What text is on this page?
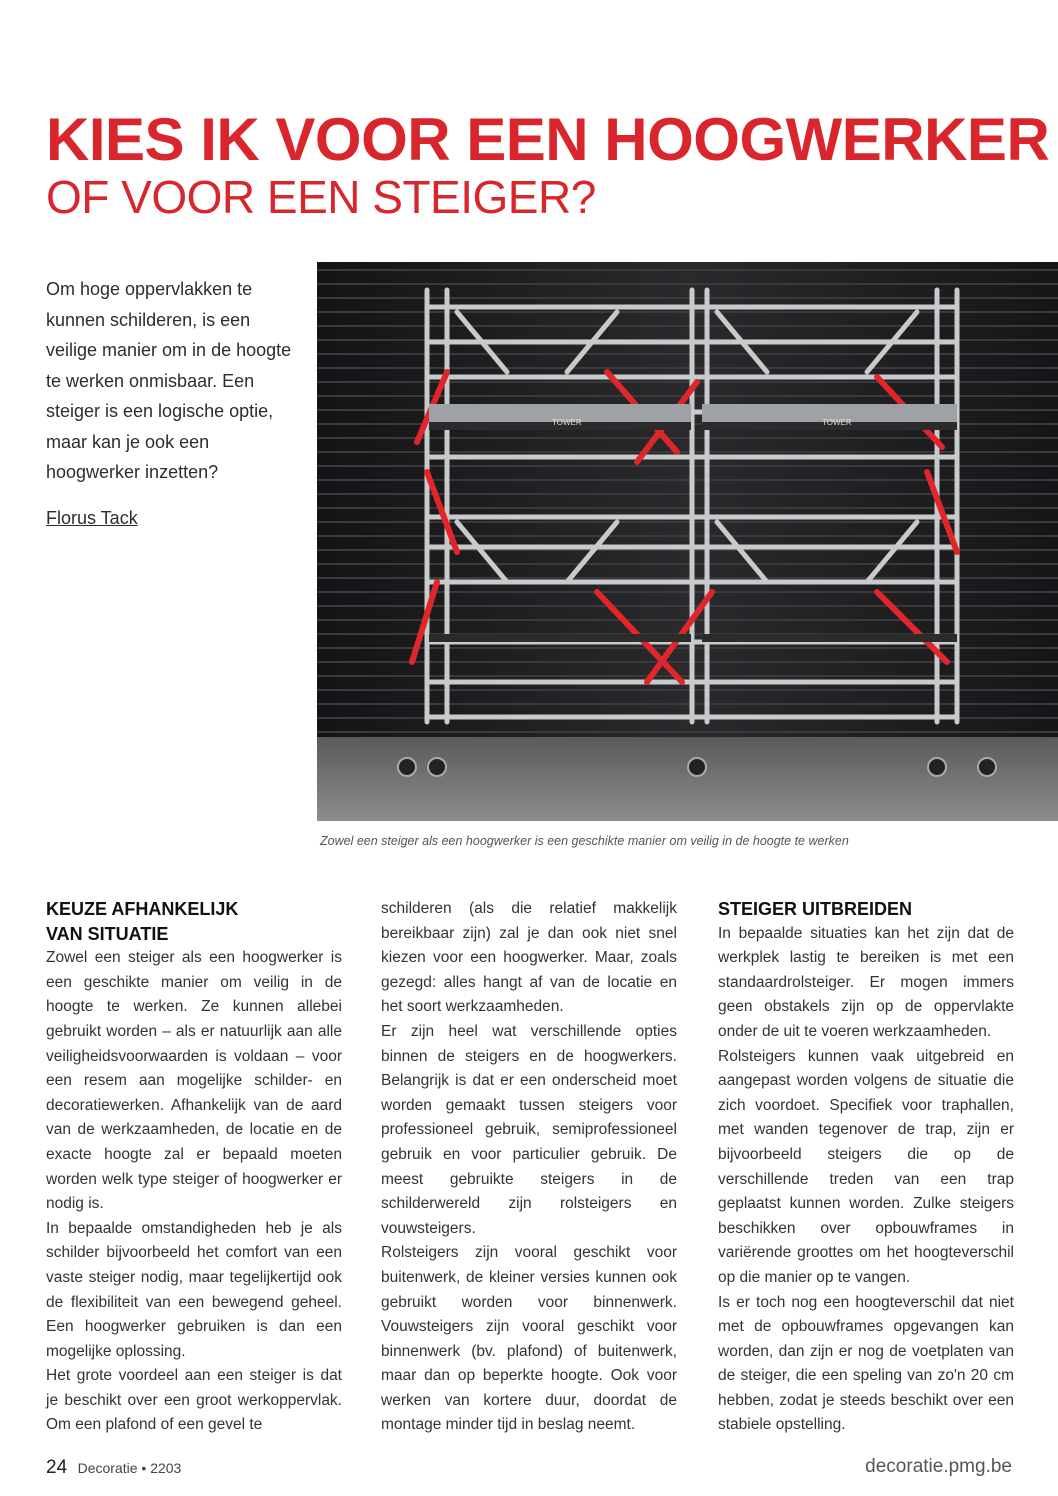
KIES IK VOOR EEN HOOGWERKER
OF VOOR EEN STEIGER?

Om hoge oppervlakken te kunnen schilderen, is een veilige manier om in de hoogte te werken onmisbaar. Een steiger is een logische optie, maar kan je ook een hoogwerker inzetten?

Florus Tack
TOWER
TOWER

Zowel een steiger als een hoogwerker is een geschikte manier om veilig in de hoogte te werken

KEUZE AFHANKELIJK
VAN SITUATIE

Zowel een steiger als een hoogwerker is een geschikte manier om veilig in de hoogte te werken. Ze kunnen allebei gebruikt worden – als er natuurlijk aan alle veiligheidsvoorwaarden is voldaan – voor een resem aan mogelijke schilder- en decoratiewerken. Afhankelijk van de aard van de werkzaamheden, de locatie en de exacte hoogte zal er bepaald moeten worden welk type steiger of hoogwerker er nodig is.

In bepaalde omstandigheden heb je als schilder bijvoorbeeld het comfort van een vaste steiger nodig, maar tegelijkertijd ook de flexibiliteit van een bewegend geheel. Een hoogwerker gebruiken is dan een mogelijke oplossing.

Het grote voordeel aan een steiger is dat je beschikt over een groot werkoppervlak. Om een plafond of een gevel te

schilderen (als die relatief makkelijk bereikbaar zijn) zal je dan ook niet snel kiezen voor een hoogwerker. Maar, zoals gezegd: alles hangt af van de locatie en het soort werkzaamheden.

Er zijn heel wat verschillende opties binnen de steigers en de hoogwerkers. Belangrijk is dat er een onderscheid moet worden gemaakt tussen steigers voor professioneel gebruik, semiprofessioneel gebruik en voor particulier gebruik. De meest gebruikte steigers in de schilderwereld zijn rolsteigers en vouwsteigers.

Rolsteigers zijn vooral geschikt voor buitenwerk, de kleiner versies kunnen ook gebruikt worden voor binnenwerk. Vouwsteigers zijn vooral geschikt voor binnenwerk (bv. plafond) of buitenwerk, maar dan op beperkte hoogte. Ook voor werken van kortere duur, doordat de montage minder tijd in beslag neemt.

STEIGER UITBREIDEN

In bepaalde situaties kan het zijn dat de werkplek lastig te bereiken is met een standaardrolsteiger. Er mogen immers geen obstakels zijn op de oppervlakte onder de uit te voeren werkzaamheden.

Rolsteigers kunnen vaak uitgebreid en aangepast worden volgens de situatie die zich voordoet. Specifiek voor traphallen, met wanden tegenover de trap, zijn er bijvoorbeeld steigers die op de verschillende treden van een trap geplaatst kunnen worden. Zulke steigers beschikken over opbouwframes in variërende groottes om het hoogteverschil op die manier op te vangen.

Is er toch nog een hoogteverschil dat niet met de opbouwframes opgevangen kan worden, dan zijn er nog de voetplaten van de steiger, die een speling van zo'n 20 cm hebben, zodat je steeds beschikt over een stabiele opstelling.

24 Decoratie • 2203	decoratie.pmg.be
